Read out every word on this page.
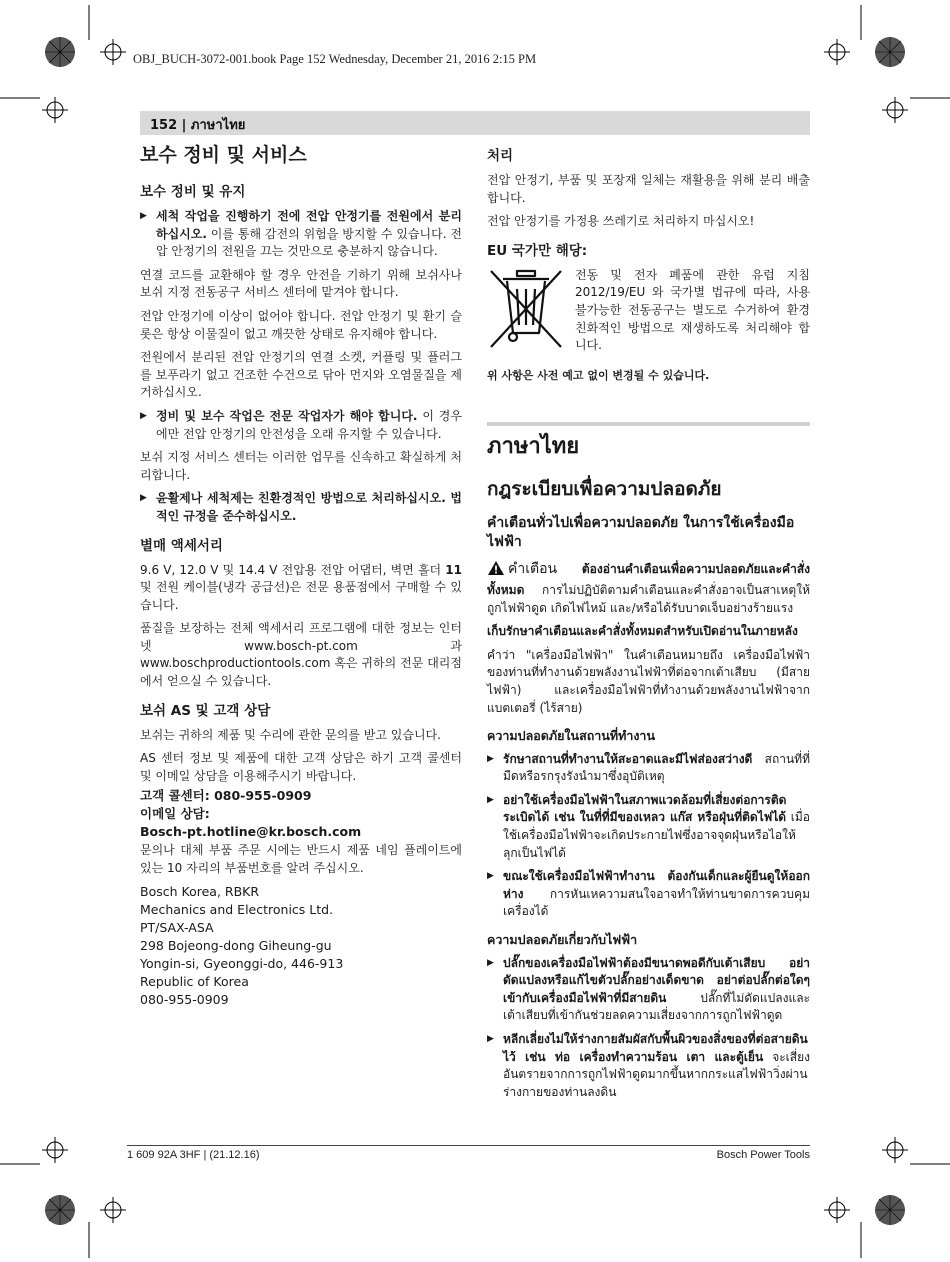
OBJ_BUCH-3072-001.book Page 152 Wednesday, December 21, 2016 2:15 PM
152 | ภาษาไทย
보수 정비 및 서비스
보수 정비 및 유지
▶ 세척 작업을 진행하기 전에 전압 안정기를 전원에서 분리하십시오. 이를 통해 감전의 위험을 방지할 수 있습니다. 전압 안정기의 전원을 끄는 것만으로 충분하지 않습니다.
연결 코드를 교환해야 할 경우 안전을 기하기 위해 보쉬사나 보쉬 지정 전동공구 서비스 센터에 맡겨야 합니다.
전압 안정기에 이상이 없어야 합니다. 전압 안정기 및 환기 슬롯은 항상 이물질이 없고 깨끗한 상태로 유지해야 합니다.
전원에서 분리된 전압 안정기의 연결 소켓, 커플링 및 플러그를 보푸라기 없고 건조한 수건으로 닦아 먼지와 오염물질을 제거하십시오.
▶ 정비 및 보수 작업은 전문 작업자가 해야 합니다. 이 경우에만 전압 안정기의 안전성을 오래 유지할 수 있습니다.
보쉬 지정 서비스 센터는 이러한 업무를 신속하고 확실하게 처리합니다.
▶ 윤활제나 세척제는 친환경적인 방법으로 처리하십시오. 법적인 규정을 준수하십시오.
별매 액세서리
9.6 V, 12.0 V 및 14.4 V 전압용 전압 어댑터, 벽면 홀더 11 및 전원 케이블(냉각 공급선)은 전문 용품점에서 구매할 수 있습니다.
품질을 보장하는 전체 액세서리 프로그램에 대한 정보는 인터넷 www.bosch-pt.com 과 www.boschproductiontools.com 혹은 귀하의 전문 대리점에서 얻으실 수 있습니다.
보쉬 AS 및 고객 상담
보쉬는 귀하의 제품 및 수리에 관한 문의를 받고 있습니다.
AS 센터 정보 및 제품에 대한 고객 상담은 하기 고객 콜센터 및 이메일 상담을 이용해주시기 바랍니다.
고객 콜센터: 080-955-0909
이메일 상담:
Bosch-pt.hotline@kr.bosch.com
문의나 대체 부품 주문 시에는 반드시 제품 네임 플레이트에 있는 10 자리의 부품번호를 알려 주십시오.
Bosch Korea, RBKR
Mechanics and Electronics Ltd.
PT/SAX-ASA
298 Bojeong-dong Giheung-gu
Yongin-si, Gyeonggi-do, 446-913
Republic of Korea
080-955-0909
처리
전압 안정기, 부품 및 포장재 일체는 재활용을 위해 분리 배출합니다.
전압 안정기를 가정용 쓰레기로 처리하지 마십시오!
EU 국가만 해당:
전동 및 전자 폐품에 관한 유럽 지침 2012/19/EU 와 국가별 법규에 따라, 사용 불가능한 전동공구는 별도로 수거하여 환경 친화적인 방법으로 재생하도록 처리해야 합니다.
위 사항은 사전 예고 없이 변경될 수 있습니다.
ภาษาไทย
กฎระเบียบเพื่อความปลอดภัย
คำเตือนทั่วไปเพื่อความปลอดภัย ในการใช้เครื่องมือไฟฟ้า
คำเตือน ต้องอ่านคำเตือนเพื่อความปลอดภัยและคำสั่งทั้งหมด การไม่ปฏิบัติตามคำเตือนและคำสั่งอาจเป็นสาเหตุให้ถูกไฟฟ้าดูด เกิดไฟไหม้ และ/หรือได้รับบาดเจ็บอย่างร้ายแรง
เก็บรักษาคำเตือนและคำสั่งทั้งหมดสำหรับเปิดอ่านในภายหลัง
คำว่า "เครื่องมือไฟฟ้า" ในคำเตือนหมายถึง เครื่องมือไฟฟ้าของท่านที่ทำงานด้วยพลังงานไฟฟ้าที่ต่อจากเต้าเสียบ (มีสายไฟฟ้า) และเครื่องมือไฟฟ้าที่ทำงานด้วยพลังงานไฟฟ้าจากแบตเตอรี่ (ไร้สาย)
ความปลอดภัยในสถานที่ทำงาน
▶ รักษาสถานที่ทำงานให้สะอาดและมีไฟส่องสว่างดี สถานที่ที่มืดหรือรกรุงรังนำมาซึ่งอุบัติเหตุ
▶ อย่าใช้เครื่องมือไฟฟ้าในสภาพแวดล้อมที่เสี่ยงต่อการติดระเบิดได้ เช่น ในที่ที่มีของเหลว แก๊ส หรือฝุ่นที่ติดไฟได้ เมื่อใช้เครื่องมือไฟฟ้าจะเกิดประกายไฟซึ่งอาจจุดฝุ่นหรือไอให้ลุกเป็นไฟได้
▶ ขณะใช้เครื่องมือไฟฟ้าทำงาน ต้องกันเด็กและผู้ยืนดูให้ออกห่าง การหันเหความสนใจอาจทำให้ท่านขาดการควบคุมเครื่องได้
ความปลอดภัยเกี่ยวกับไฟฟ้า
▶ ปลั๊กของเครื่องมือไฟฟ้าต้องมีขนาดพอดีกับเต้าเสียบ อย่าดัดแปลงหรือแก้ไขตัวปลั๊กอย่างเด็ดขาด อย่าต่อปลั๊กต่อใดๆ เข้ากับเครื่องมือไฟฟ้าที่มีสายดิน ปลั๊กที่ไม่ดัดแปลงและเต้าเสียบที่เข้ากันช่วยลดความเสี่ยงจากการถูกไฟฟ้าดูด
▶ หลีกเลี่ยงไม่ให้ร่างกายสัมผัสกับพื้นผิวของสิ่งของที่ต่อสายดินไว้ เช่น ท่อ เครื่องทำความร้อน เตา และตู้เย็น จะเสี่ยงอันตรายจากการถูกไฟฟ้าดูดมากขึ้นหากกระแสไฟฟ้าวิ่งผ่านร่างกายของท่านลงดิน
1 609 92A 3HF | (21.12.16)	Bosch Power Tools
